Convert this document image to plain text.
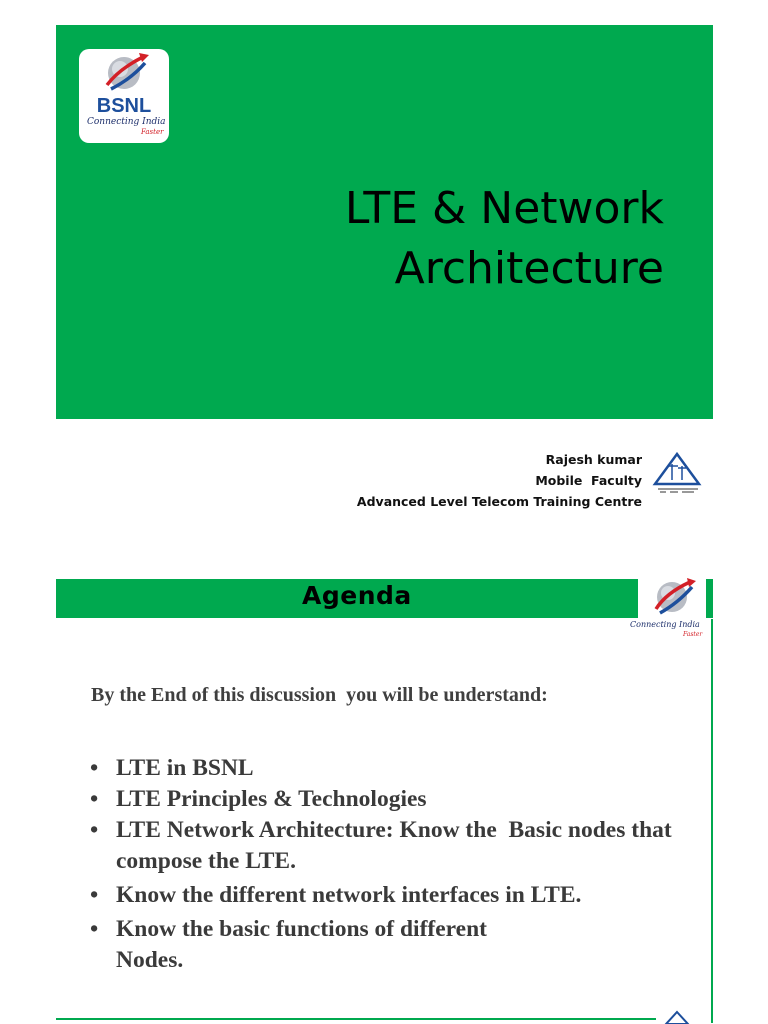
BSNL
Connecting India
Faster
LTE & Network
Architecture
Rajesh kumar
Mobile  Faculty
Advanced Level Telecom Training Centre
Agenda
Connecting India
Faster
By the End of this discussion  you will be understand:
• LTE in BSNL
• LTE Principles & Technologies
• LTE Network Architecture: Know the  Basic nodes that compose the LTE.
• Know the different network interfaces in LTE.
• Know the basic functions of different Nodes.
